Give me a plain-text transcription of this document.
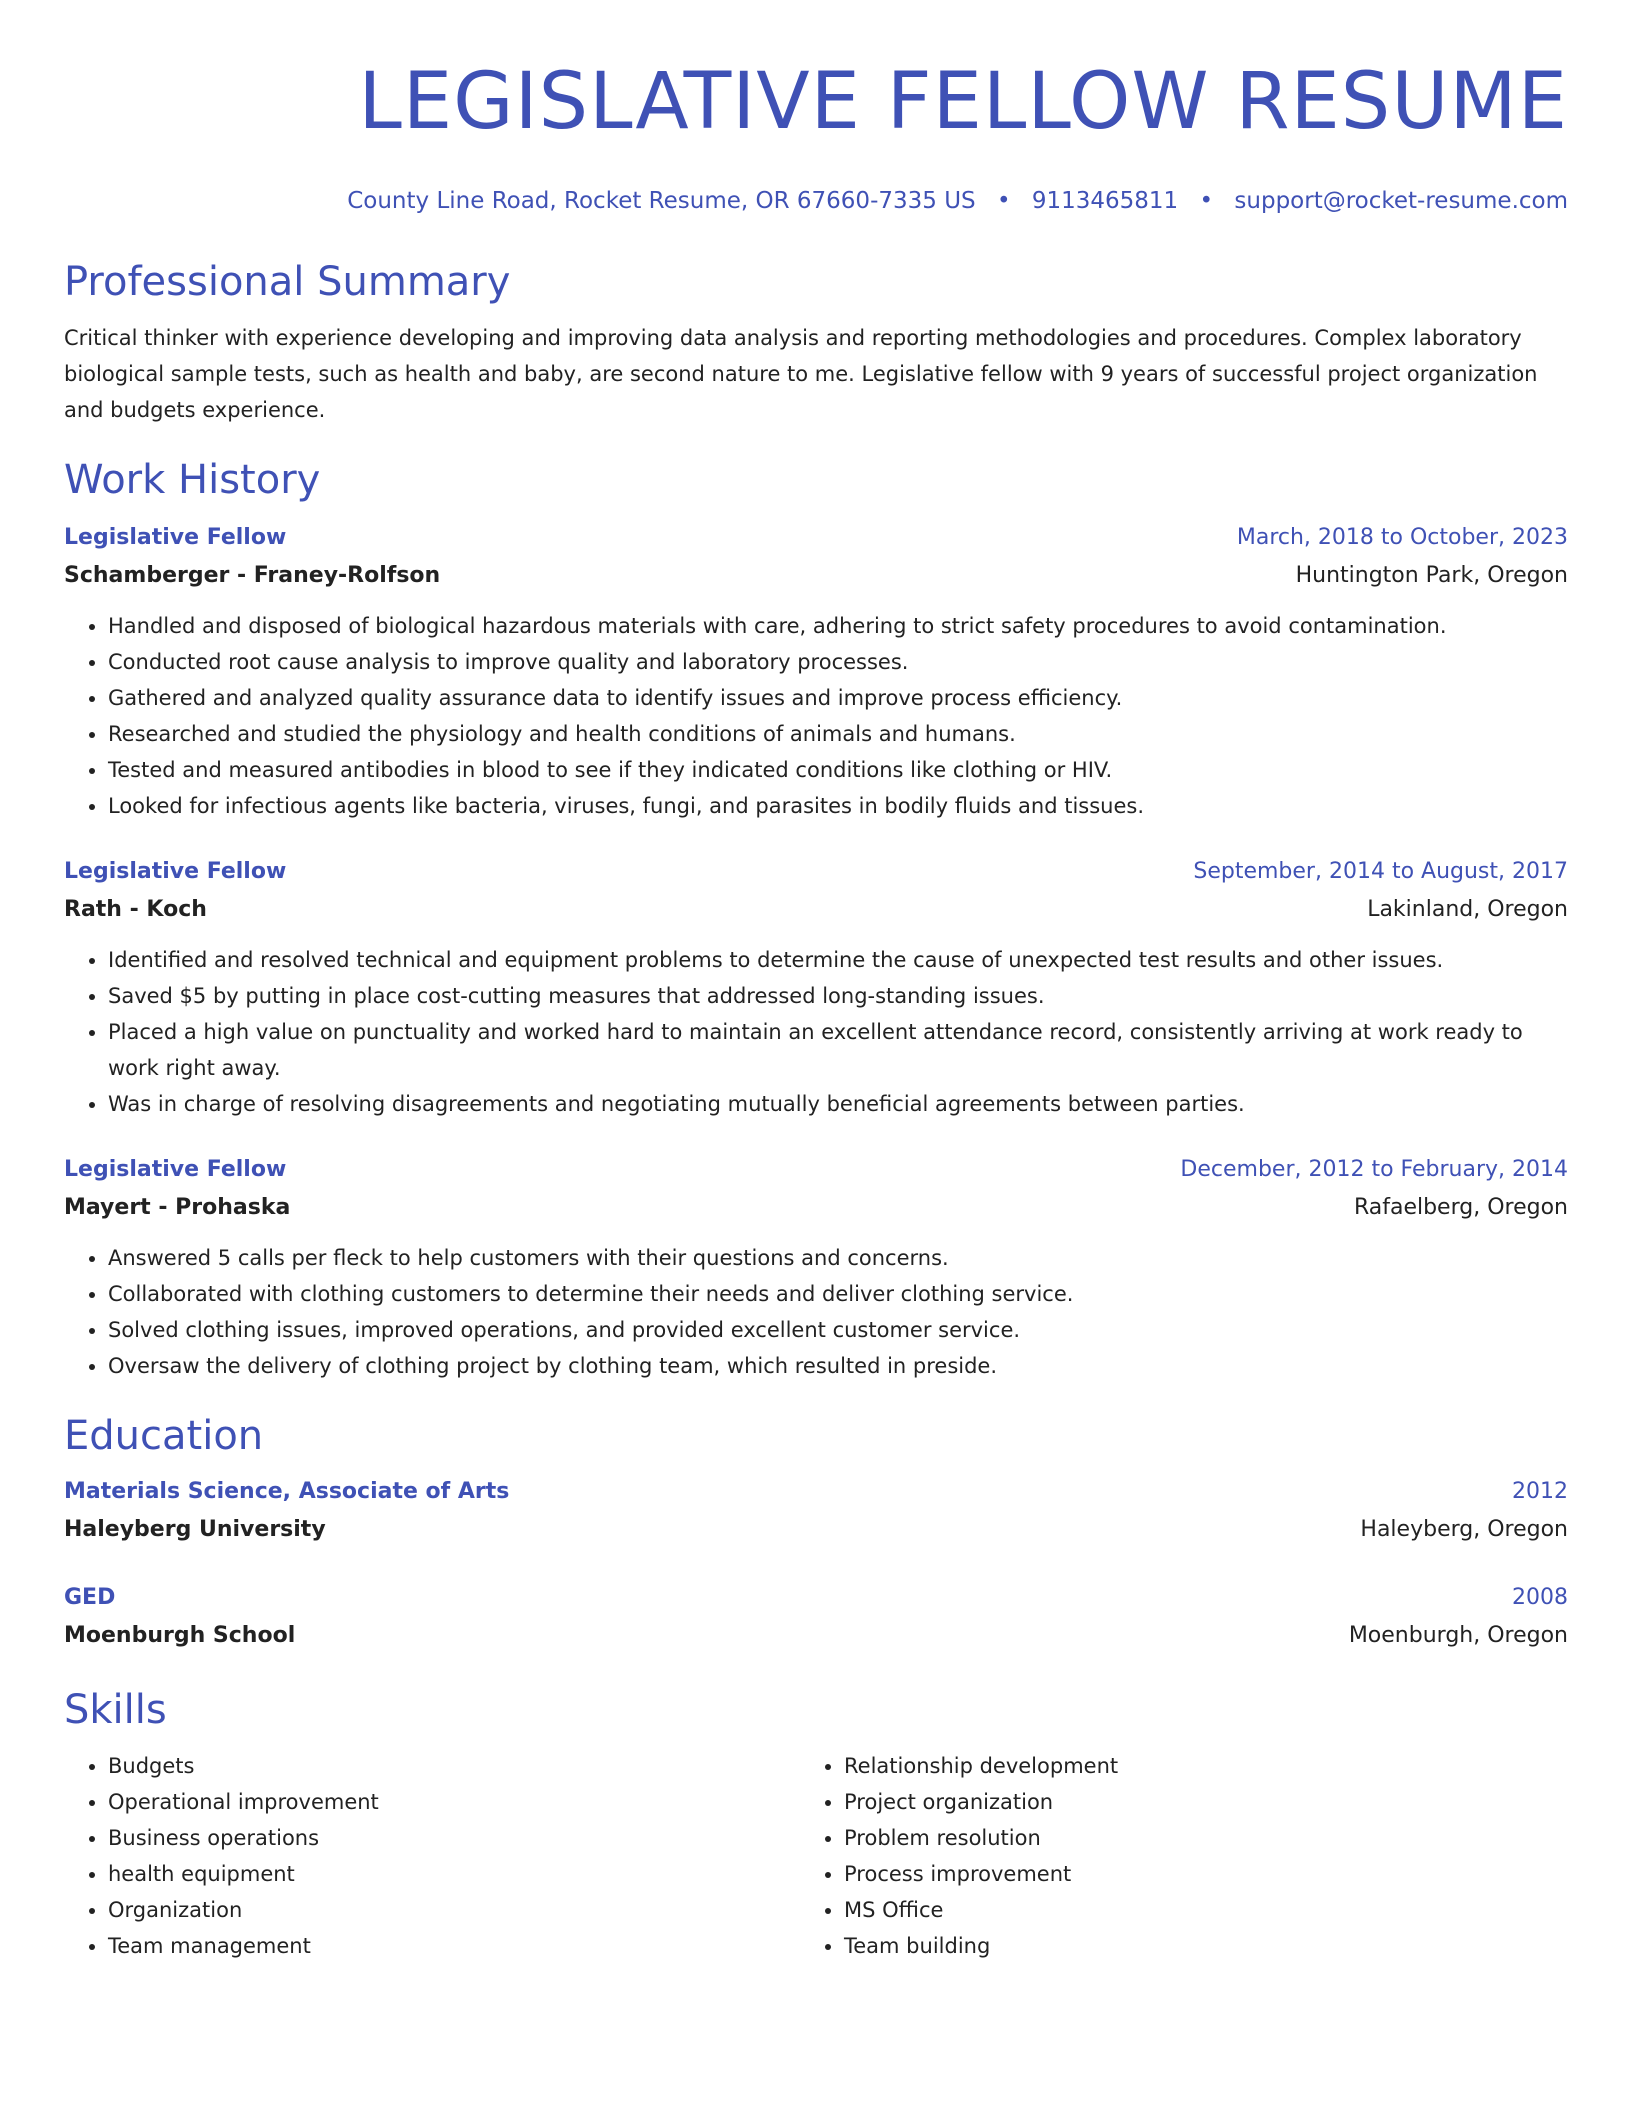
LEGISLATIVE FELLOW RESUME
County Line Road, Rocket Resume, OR 67660-7335 US • 9113465811 • support@rocket-resume.com
Professional Summary
Critical thinker with experience developing and improving data analysis and reporting methodologies and procedures. Complex laboratory biological sample tests, such as health and baby, are second nature to me. Legislative fellow with 9 years of successful project organization and budgets experience.
Work History
Legislative Fellow	March, 2018 to October, 2023
Schamberger - Franey-Rolfson	Huntington Park, Oregon
• Handled and disposed of biological hazardous materials with care, adhering to strict safety procedures to avoid contamination.
• Conducted root cause analysis to improve quality and laboratory processes.
• Gathered and analyzed quality assurance data to identify issues and improve process efficiency.
• Researched and studied the physiology and health conditions of animals and humans.
• Tested and measured antibodies in blood to see if they indicated conditions like clothing or HIV.
• Looked for infectious agents like bacteria, viruses, fungi, and parasites in bodily fluids and tissues.
Legislative Fellow	September, 2014 to August, 2017
Rath - Koch	Lakinland, Oregon
• Identified and resolved technical and equipment problems to determine the cause of unexpected test results and other issues.
• Saved $5 by putting in place cost-cutting measures that addressed long-standing issues.
• Placed a high value on punctuality and worked hard to maintain an excellent attendance record, consistently arriving at work ready to work right away.
• Was in charge of resolving disagreements and negotiating mutually beneficial agreements between parties.
Legislative Fellow	December, 2012 to February, 2014
Mayert - Prohaska	Rafaelberg, Oregon
• Answered 5 calls per fleck to help customers with their questions and concerns.
• Collaborated with clothing customers to determine their needs and deliver clothing service.
• Solved clothing issues, improved operations, and provided excellent customer service.
• Oversaw the delivery of clothing project by clothing team, which resulted in preside.
Education
Materials Science, Associate of Arts	2012
Haleyberg University	Haleyberg, Oregon
GED	2008
Moenburgh School	Moenburgh, Oregon
Skills
• Budgets
• Operational improvement
• Business operations
• health equipment
• Organization
• Team management
• Relationship development
• Project organization
• Problem resolution
• Process improvement
• MS Office
• Team building
